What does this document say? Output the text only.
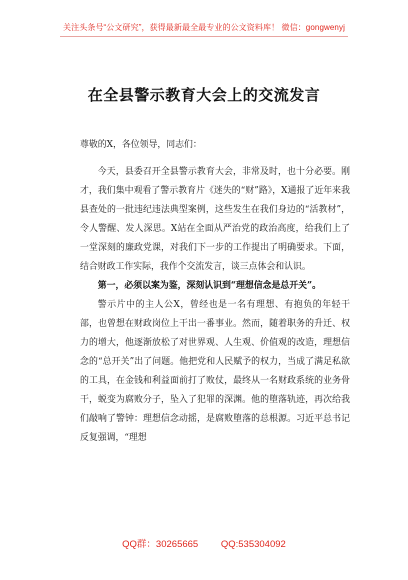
关注头条号“公文研究”，获得最新最全最专业的公文资料库！ 微信：gongwenyj
在全县警示教育大会上的交流发言

尊敬的X，各位领导，同志们：

今天，县委召开全县警示教育大会，非常及时，也十分必要。刚才，我们集中观看了警示教育片《迷失的“财”路》，X通报了近年来我县查处的一批违纪违法典型案例，这些发生在我们身边的“活教材”，令人警醒、发人深思。X站在全面从严治党的政治高度，给我们上了一堂深刻的廉政党课，对我们下一步的工作提出了明确要求。下面，结合财政工作实际，我作个交流发言，谈三点体会和认识。

第一，必须以案为鉴，深刻认识到“理想信念是总开关”。

警示片中的主人公X，曾经也是一名有理想、有抱负的年轻干部，也曾想在财政岗位上干出一番事业。然而，随着职务的升迁、权力的增大，他逐渐放松了对世界观、人生观、价值观的改造，理想信念的“总开关”出了问题。他把党和人民赋予的权力，当成了满足私欲的工具，在金钱和利益面前打了败仗，最终从一名财政系统的业务骨干，蜕变为腐败分子，坠入了犯罪的深渊。他的堕落轨迹，再次给我们敲响了警钟：理想信念动摇，是腐败堕落的总根源。习近平总书记反复强调，“理想

QQ群：30265665 QQ:535304092
